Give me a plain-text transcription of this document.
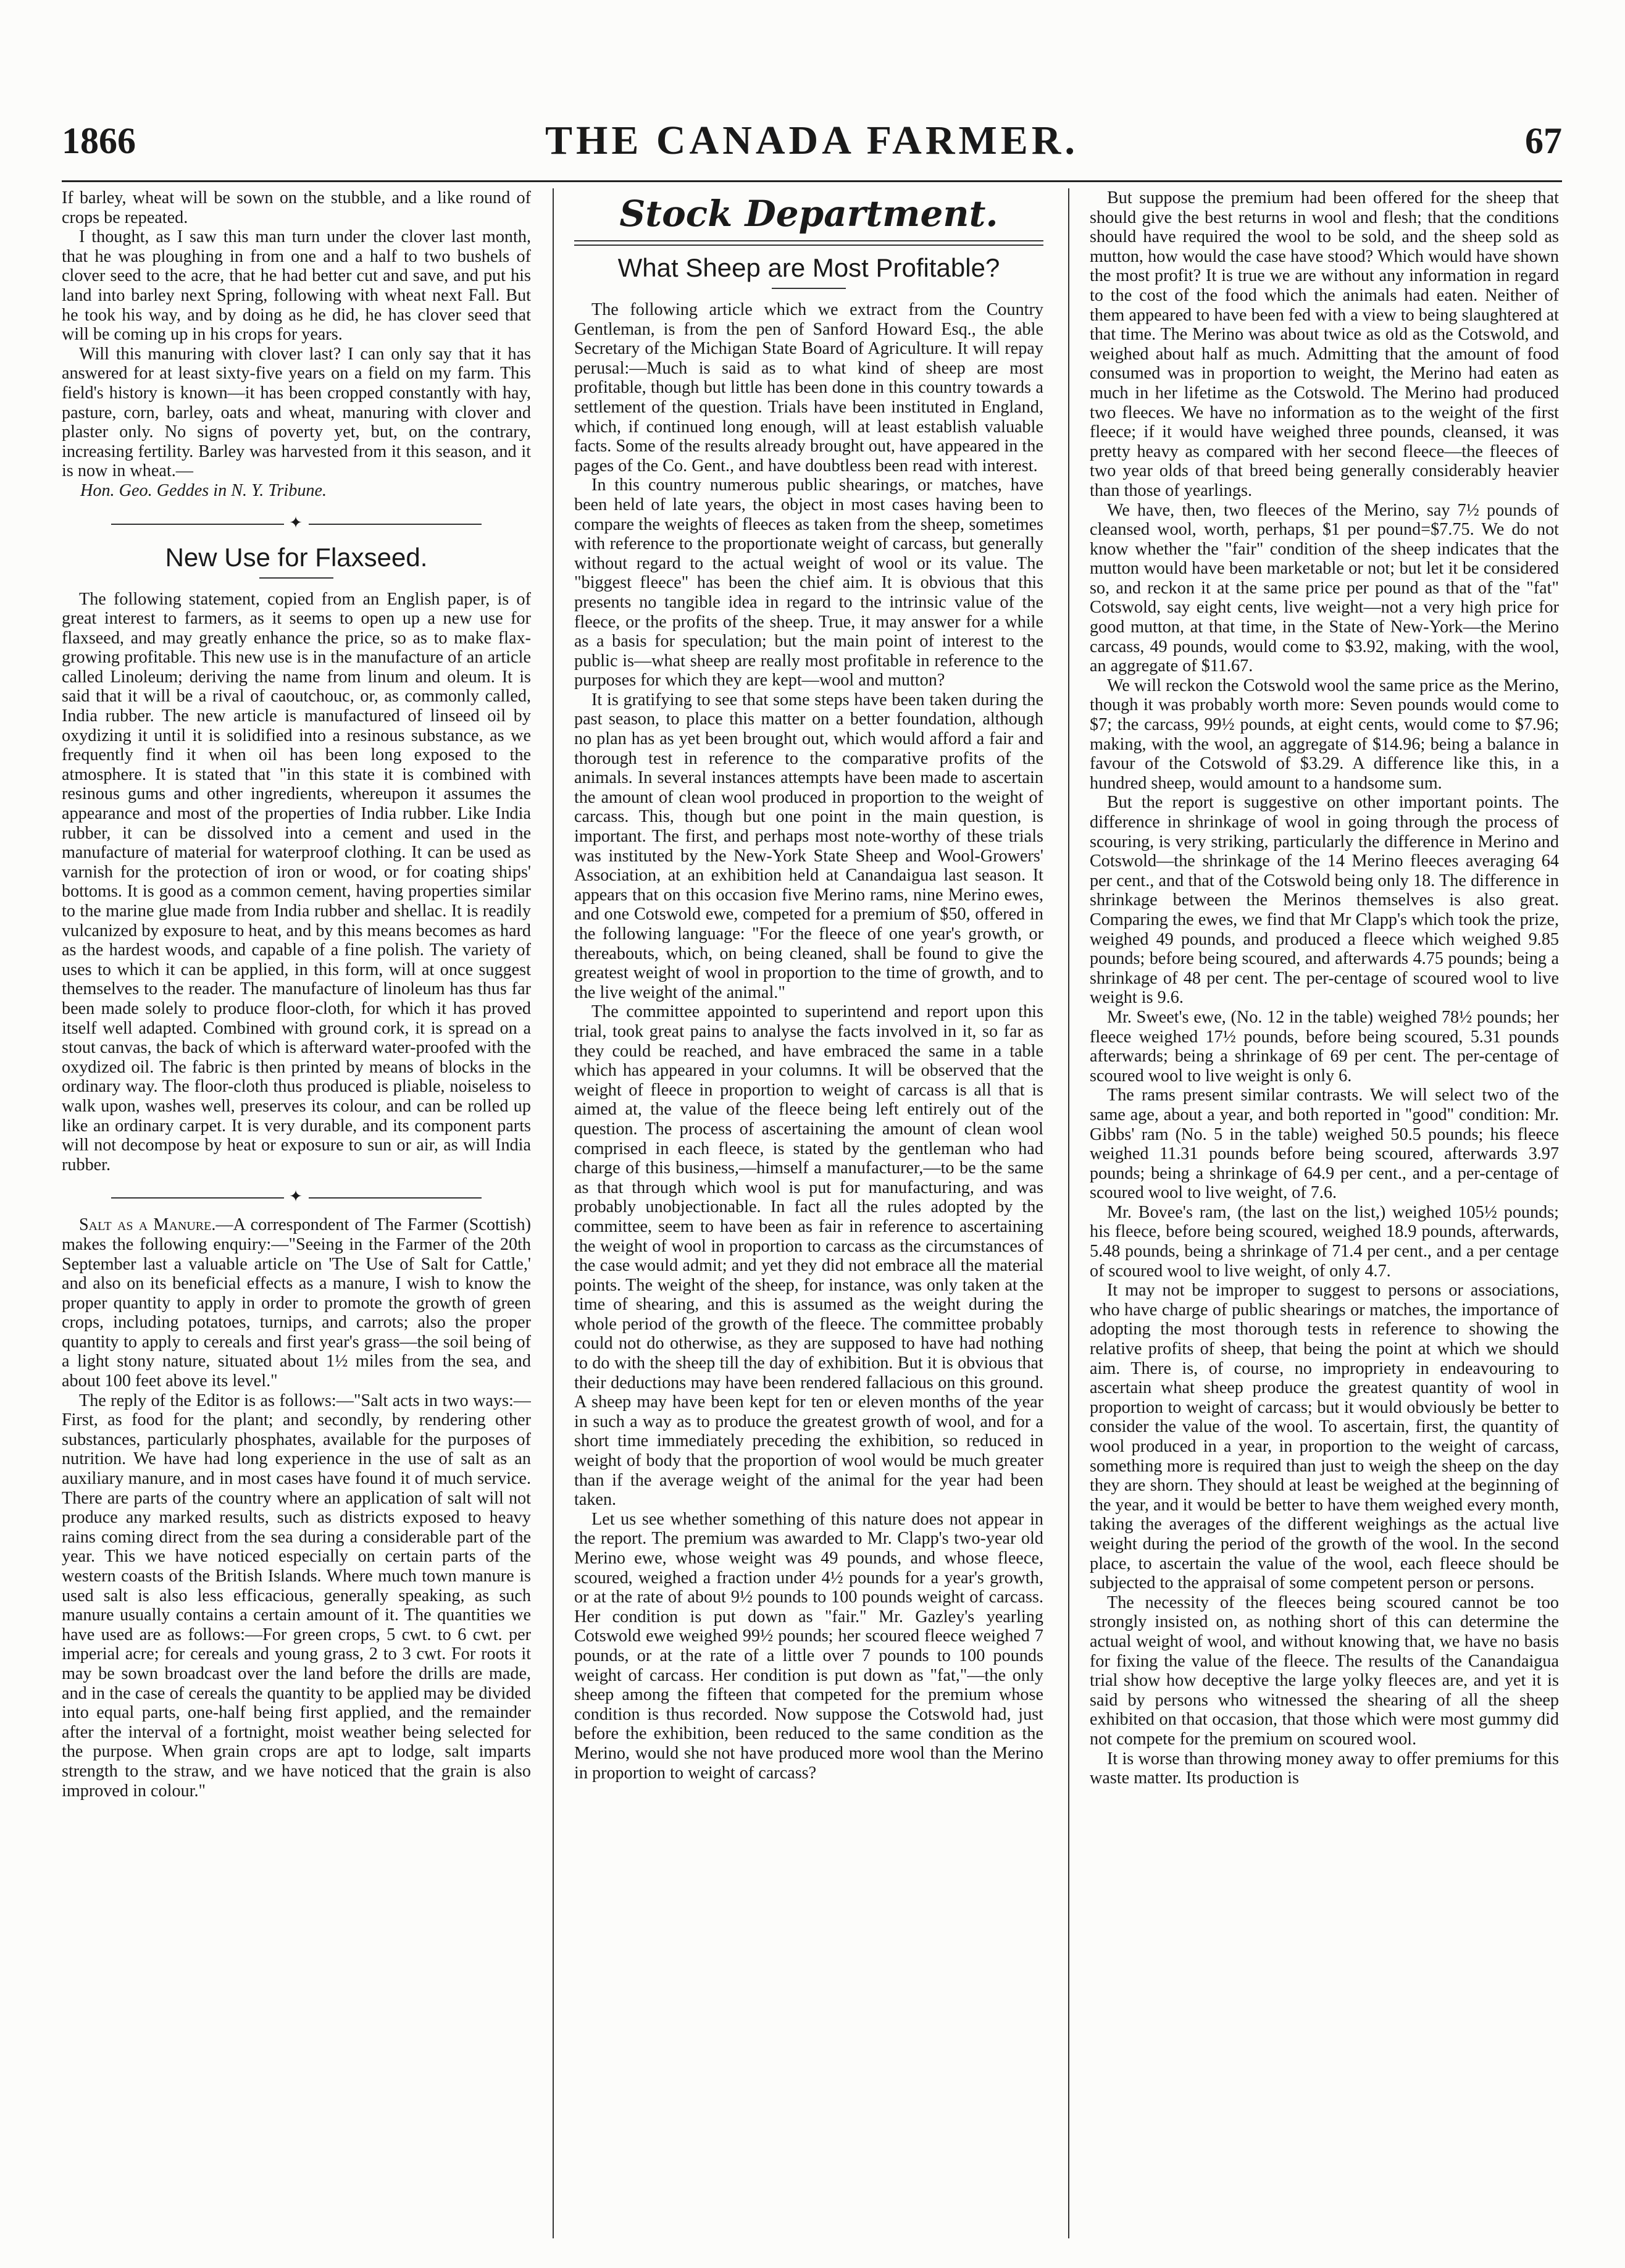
1866	THE CANADA FARMER.	67

If barley, wheat will be sown on the stubble, and a like round of crops be repeated.

I thought, as I saw this man turn under the clover last month, that he was ploughing in from one and a half to two bushels of clover seed to the acre, that he had better cut and save, and put his land into barley next Spring, following with wheat next Fall. But he took his way, and by doing as he did, he has clover seed that will be coming up in his crops for years.

Will this manuring with clover last? I can only say that it has answered for at least sixty-five years on a field on my farm. This field's history is known—it has been cropped constantly with hay, pasture, corn, barley, oats and wheat, manuring with clover and plaster only. No signs of poverty yet, but, on the contrary, increasing fertility. Barley was harvested from it this season, and it is now in wheat.—

Hon. Geo. Geddes in N. Y. Tribune.

✦
New Use for Flaxseed.

The following statement, copied from an English paper, is of great interest to farmers, as it seems to open up a new use for flaxseed, and may greatly enhance the price, so as to make flax-growing profitable. This new use is in the manufacture of an article called Linoleum; deriving the name from linum and oleum. It is said that it will be a rival of caoutchouc, or, as commonly called, India rubber. The new article is manufactured of linseed oil by oxydizing it until it is solidified into a resinous substance, as we frequently find it when oil has been long exposed to the atmosphere. It is stated that "in this state it is combined with resinous gums and other ingredients, whereupon it assumes the appearance and most of the properties of India rubber. Like India rubber, it can be dissolved into a cement and used in the manufacture of material for waterproof clothing. It can be used as varnish for the protection of iron or wood, or for coating ships' bottoms. It is good as a common cement, having properties similar to the marine glue made from India rubber and shellac. It is readily vulcanized by exposure to heat, and by this means becomes as hard as the hardest woods, and capable of a fine polish. The variety of uses to which it can be applied, in this form, will at once suggest themselves to the reader. The manufacture of linoleum has thus far been made solely to produce floor-cloth, for which it has proved itself well adapted. Combined with ground cork, it is spread on a stout canvas, the back of which is afterward water-proofed with the oxydized oil. The fabric is then printed by means of blocks in the ordinary way. The floor-cloth thus produced is pliable, noiseless to walk upon, washes well, preserves its colour, and can be rolled up like an ordinary carpet. It is very durable, and its component parts will not decompose by heat or exposure to sun or air, as will India rubber.

✦

Salt as a Manure.—A correspondent of The Farmer (Scottish) makes the following enquiry:—"Seeing in the Farmer of the 20th September last a valuable article on 'The Use of Salt for Cattle,' and also on its beneficial effects as a manure, I wish to know the proper quantity to apply in order to promote the growth of green crops, including potatoes, turnips, and carrots; also the proper quantity to apply to cereals and first year's grass—the soil being of a light stony nature, situated about 1½ miles from the sea, and about 100 feet above its level."

The reply of the Editor is as follows:—"Salt acts in two ways:—First, as food for the plant; and secondly, by rendering other substances, particularly phosphates, available for the purposes of nutrition. We have had long experience in the use of salt as an auxiliary manure, and in most cases have found it of much service. There are parts of the country where an application of salt will not produce any marked results, such as districts exposed to heavy rains coming direct from the sea during a considerable part of the year. This we have noticed especially on certain parts of the western coasts of the British Islands. Where much town manure is used salt is also less efficacious, generally speaking, as such manure usually contains a certain amount of it. The quantities we have used are as follows:—For green crops, 5 cwt. to 6 cwt. per imperial acre; for cereals and young grass, 2 to 3 cwt. For roots it may be sown broadcast over the land before the drills are made, and in the case of cereals the quantity to be applied may be divided into equal parts, one-half being first applied, and the remainder after the interval of a fortnight, moist weather being selected for the purpose. When grain crops are apt to lodge, salt imparts strength to the straw, and we have noticed that the grain is also improved in colour."

Stock Department.
What Sheep are Most Profitable?

The following article which we extract from the Country Gentleman, is from the pen of Sanford Howard Esq., the able Secretary of the Michigan State Board of Agriculture. It will repay perusal:—Much is said as to what kind of sheep are most profitable, though but little has been done in this country towards a settlement of the question. Trials have been instituted in England, which, if continued long enough, will at least establish valuable facts. Some of the results already brought out, have appeared in the pages of the Co. Gent., and have doubtless been read with interest.

In this country numerous public shearings, or matches, have been held of late years, the object in most cases having been to compare the weights of fleeces as taken from the sheep, sometimes with reference to the proportionate weight of carcass, but generally without regard to the actual weight of wool or its value. The "biggest fleece" has been the chief aim. It is obvious that this presents no tangible idea in regard to the intrinsic value of the fleece, or the profits of the sheep. True, it may answer for a while as a basis for speculation; but the main point of interest to the public is—what sheep are really most profitable in reference to the purposes for which they are kept—wool and mutton?

It is gratifying to see that some steps have been taken during the past season, to place this matter on a better foundation, although no plan has as yet been brought out, which would afford a fair and thorough test in reference to the comparative profits of the animals. In several instances attempts have been made to ascertain the amount of clean wool produced in proportion to the weight of carcass. This, though but one point in the main question, is important. The first, and perhaps most note-worthy of these trials was instituted by the New-York State Sheep and Wool-Growers' Association, at an exhibition held at Canandaigua last season. It appears that on this occasion five Merino rams, nine Merino ewes, and one Cotswold ewe, competed for a premium of $50, offered in the following language: "For the fleece of one year's growth, or thereabouts, which, on being cleaned, shall be found to give the greatest weight of wool in proportion to the time of growth, and to the live weight of the animal."

The committee appointed to superintend and report upon this trial, took great pains to analyse the facts involved in it, so far as they could be reached, and have embraced the same in a table which has appeared in your columns. It will be observed that the weight of fleece in proportion to weight of carcass is all that is aimed at, the value of the fleece being left entirely out of the question. The process of ascertaining the amount of clean wool comprised in each fleece, is stated by the gentleman who had charge of this business,—himself a manufacturer,—to be the same as that through which wool is put for manufacturing, and was probably unobjectionable. In fact all the rules adopted by the committee, seem to have been as fair in reference to ascertaining the weight of wool in proportion to carcass as the circumstances of the case would admit; and yet they did not embrace all the material points. The weight of the sheep, for instance, was only taken at the time of shearing, and this is assumed as the weight during the whole period of the growth of the fleece. The committee probably could not do otherwise, as they are supposed to have had nothing to do with the sheep till the day of exhibition. But it is obvious that their deductions may have been rendered fallacious on this ground. A sheep may have been kept for ten or eleven months of the year in such a way as to produce the greatest growth of wool, and for a short time immediately preceding the exhibition, so reduced in weight of body that the proportion of wool would be much greater than if the average weight of the animal for the year had been taken.

Let us see whether something of this nature does not appear in the report. The premium was awarded to Mr. Clapp's two-year old Merino ewe, whose weight was 49 pounds, and whose fleece, scoured, weighed a fraction under 4½ pounds for a year's growth, or at the rate of about 9½ pounds to 100 pounds weight of carcass. Her condition is put down as "fair." Mr. Gazley's yearling Cotswold ewe weighed 99½ pounds; her scoured fleece weighed 7 pounds, or at the rate of a little over 7 pounds to 100 pounds weight of carcass. Her condition is put down as "fat,"—the only sheep among the fifteen that competed for the premium whose condition is thus recorded. Now suppose the Cotswold had, just before the exhibition, been reduced to the same condition as the Merino, would she not have produced more wool than the Merino in proportion to weight of carcass?

But suppose the premium had been offered for the sheep that should give the best returns in wool and flesh; that the conditions should have required the wool to be sold, and the sheep sold as mutton, how would the case have stood? Which would have shown the most profit? It is true we are without any information in regard to the cost of the food which the animals had eaten. Neither of them appeared to have been fed with a view to being slaughtered at that time. The Merino was about twice as old as the Cotswold, and weighed about half as much. Admitting that the amount of food consumed was in proportion to weight, the Merino had eaten as much in her lifetime as the Cotswold. The Merino had produced two fleeces. We have no information as to the weight of the first fleece; if it would have weighed three pounds, cleansed, it was pretty heavy as compared with her second fleece—the fleeces of two year olds of that breed being generally considerably heavier than those of yearlings.

We have, then, two fleeces of the Merino, say 7½ pounds of cleansed wool, worth, perhaps, $1 per pound=$7.75. We do not know whether the "fair" condition of the sheep indicates that the mutton would have been marketable or not; but let it be considered so, and reckon it at the same price per pound as that of the "fat" Cotswold, say eight cents, live weight—not a very high price for good mutton, at that time, in the State of New-York—the Merino carcass, 49 pounds, would come to $3.92, making, with the wool, an aggregate of $11.67.

We will reckon the Cotswold wool the same price as the Merino, though it was probably worth more: Seven pounds would come to $7; the carcass, 99½ pounds, at eight cents, would come to $7.96; making, with the wool, an aggregate of $14.96; being a balance in favour of the Cotswold of $3.29. A difference like this, in a hundred sheep, would amount to a handsome sum.

But the report is suggestive on other important points. The difference in shrinkage of wool in going through the process of scouring, is very striking, particularly the difference in Merino and Cotswold—the shrinkage of the 14 Merino fleeces averaging 64 per cent., and that of the Cotswold being only 18. The difference in shrinkage between the Merinos themselves is also great. Comparing the ewes, we find that Mr Clapp's which took the prize, weighed 49 pounds, and produced a fleece which weighed 9.85 pounds; before being scoured, and afterwards 4.75 pounds; being a shrinkage of 48 per cent. The per-centage of scoured wool to live weight is 9.6.

Mr. Sweet's ewe, (No. 12 in the table) weighed 78½ pounds; her fleece weighed 17½ pounds, before being scoured, 5.31 pounds afterwards; being a shrinkage of 69 per cent. The per-centage of scoured wool to live weight is only 6.

The rams present similar contrasts. We will select two of the same age, about a year, and both reported in "good" condition: Mr. Gibbs' ram (No. 5 in the table) weighed 50.5 pounds; his fleece weighed 11.31 pounds before being scoured, afterwards 3.97 pounds; being a shrinkage of 64.9 per cent., and a per-centage of scoured wool to live weight, of 7.6.

Mr. Bovee's ram, (the last on the list,) weighed 105½ pounds; his fleece, before being scoured, weighed 18.9 pounds, afterwards, 5.48 pounds, being a shrinkage of 71.4 per cent., and a per centage of scoured wool to live weight, of only 4.7.

It may not be improper to suggest to persons or associations, who have charge of public shearings or matches, the importance of adopting the most thorough tests in reference to showing the relative profits of sheep, that being the point at which we should aim. There is, of course, no impropriety in endeavouring to ascertain what sheep produce the greatest quantity of wool in proportion to weight of carcass; but it would obviously be better to consider the value of the wool. To ascertain, first, the quantity of wool produced in a year, in proportion to the weight of carcass, something more is required than just to weigh the sheep on the day they are shorn. They should at least be weighed at the beginning of the year, and it would be better to have them weighed every month, taking the averages of the different weighings as the actual live weight during the period of the growth of the wool. In the second place, to ascertain the value of the wool, each fleece should be subjected to the appraisal of some competent person or persons.

The necessity of the fleeces being scoured cannot be too strongly insisted on, as nothing short of this can determine the actual weight of wool, and without knowing that, we have no basis for fixing the value of the fleece. The results of the Canandaigua trial show how deceptive the large yolky fleeces are, and yet it is said by persons who witnessed the shearing of all the sheep exhibited on that occasion, that those which were most gummy did not compete for the premium on scoured wool.

It is worse than throwing money away to offer premiums for this waste matter. Its production is
